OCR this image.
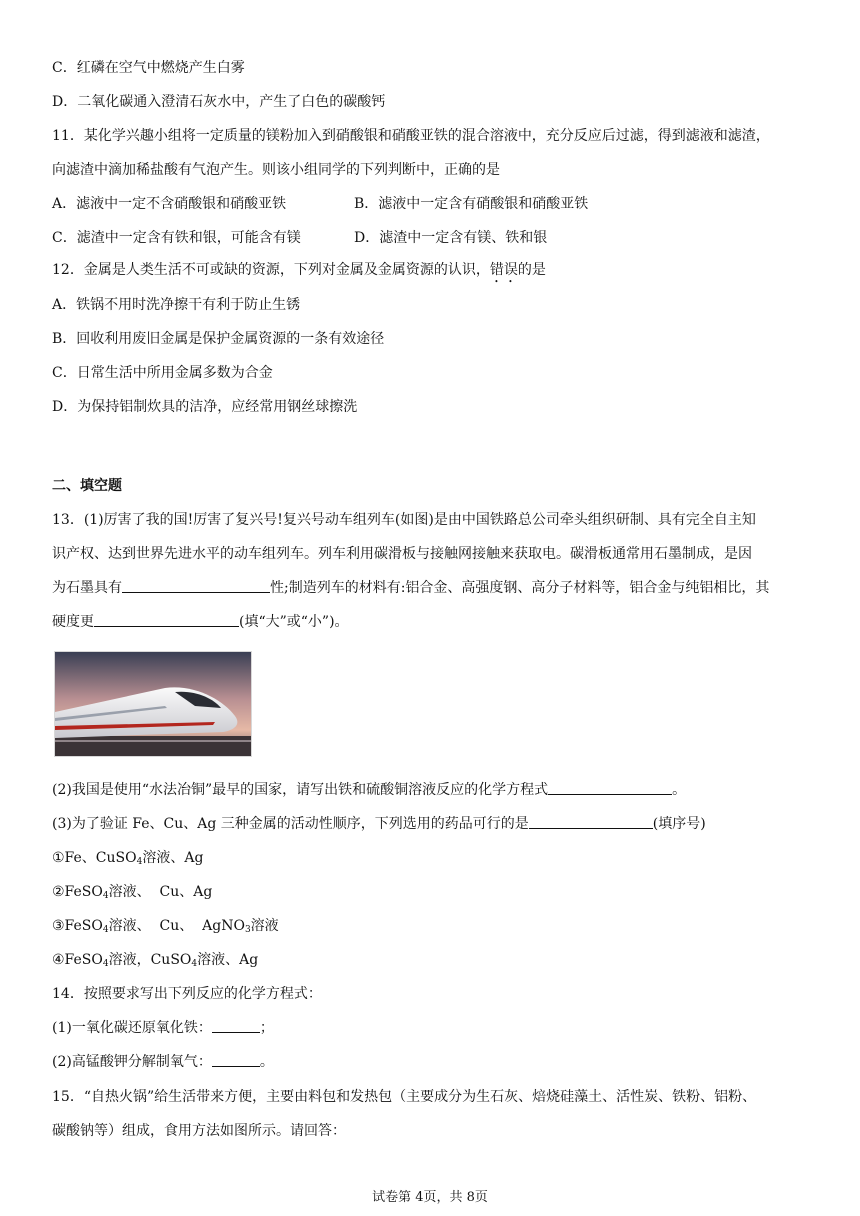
C．红磷在空气中燃烧产生白雾
D．二氧化碳通入澄清石灰水中，产生了白色的碳酸钙
11．某化学兴趣小组将一定质量的镁粉加入到硝酸银和硝酸亚铁的混合溶液中，充分反应后过滤，得到滤液和滤渣，
向滤渣中滴加稀盐酸有气泡产生。则该小组同学的下列判断中，正确的是
A．滤液中一定不含硝酸银和硝酸亚铁	B．滤液中一定含有硝酸银和硝酸亚铁
C．滤渣中一定含有铁和银，可能含有镁	D．滤渣中一定含有镁、铁和银
12．金属是人类生活不可或缺的资源，下列对金属及金属资源的认识，错误的是
A．铁锅不用时洗净擦干有利于防止生锈
B．回收利用废旧金属是保护金属资源的一条有效途径
C．日常生活中所用金属多数为合金
D．为保持铝制炊具的洁净，应经常用钢丝球擦洗
二、填空题
13．(1)厉害了我的国!厉害了复兴号!复兴号动车组列车(如图)是由中国铁路总公司牵头组织研制、具有完全自主知
识产权、达到世界先进水平的动车组列车。列车利用碳滑板与接触网接触来获取电。碳滑板通常用石墨制成，是因
为石墨具有	性;制造列车的材料有:铝合金、高强度钢、高分子材料等，铝合金与纯铝相比，其
硬度更	(填“大”或“小”)。
(2)我国是使用“水法冶铜”最早的国家，请写出铁和硫酸铜溶液反应的化学方程式	。
(3)为了验证 Fe、Cu、Ag 三种金属的活动性顺序，下列选用的药品可行的是	(填序号)
①Fe、CuSO$_4$溶液、Ag
②FeSO$_4$溶液、  Cu、Ag
③FeSO$_4$溶液、  Cu、  AgNO$_3$溶液
④FeSO$_4$溶液，CuSO$_4$溶液、Ag
14．按照要求写出下列反应的化学方程式：
(1)一氧化碳还原氧化铁：	；
(2)高锰酸钾分解制氧气：	。
15．“自热火锅”给生活带来方便，主要由料包和发热包（主要成分为生石灰、焙烧硅藻土、活性炭、铁粉、铝粉、
碳酸钠等）组成，食用方法如图所示。请回答：
试卷第 4页，共 8页
